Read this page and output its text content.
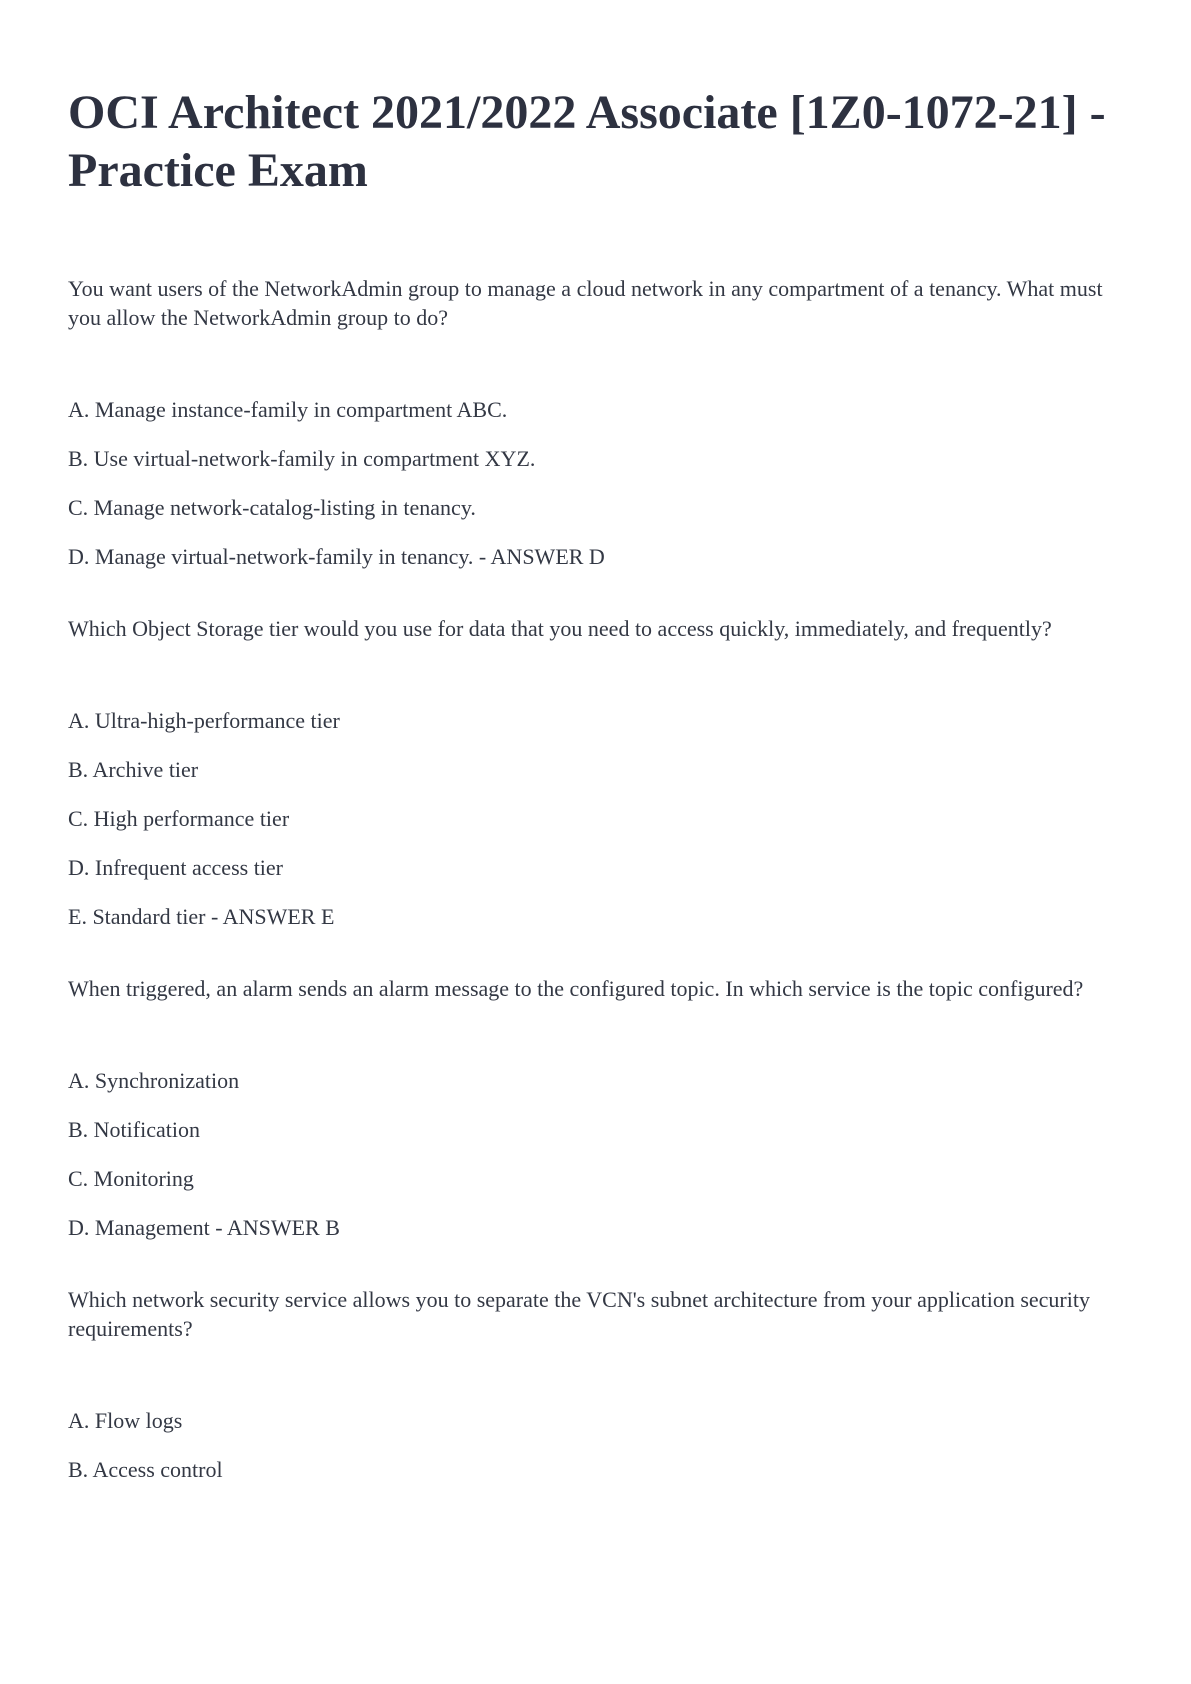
OCI Architect 2021/2022 Associate [1Z0-1072-21] - Practice Exam

You want users of the NetworkAdmin group to manage a cloud network in any compartment of a tenancy. What must you allow the NetworkAdmin group to do?

A. Manage instance-family in compartment ABC.
B. Use virtual-network-family in compartment XYZ.
C. Manage network-catalog-listing in tenancy.
D. Manage virtual-network-family in tenancy. - ANSWER D

Which Object Storage tier would you use for data that you need to access quickly, immediately, and frequently?

A. Ultra-high-performance tier
B. Archive tier
C. High performance tier
D. Infrequent access tier
E. Standard tier - ANSWER E

When triggered, an alarm sends an alarm message to the configured topic. In which service is the topic configured?

A. Synchronization
B. Notification
C. Monitoring
D. Management - ANSWER B

Which network security service allows you to separate the VCN's subnet architecture from your application security requirements?

A. Flow logs
B. Access control
